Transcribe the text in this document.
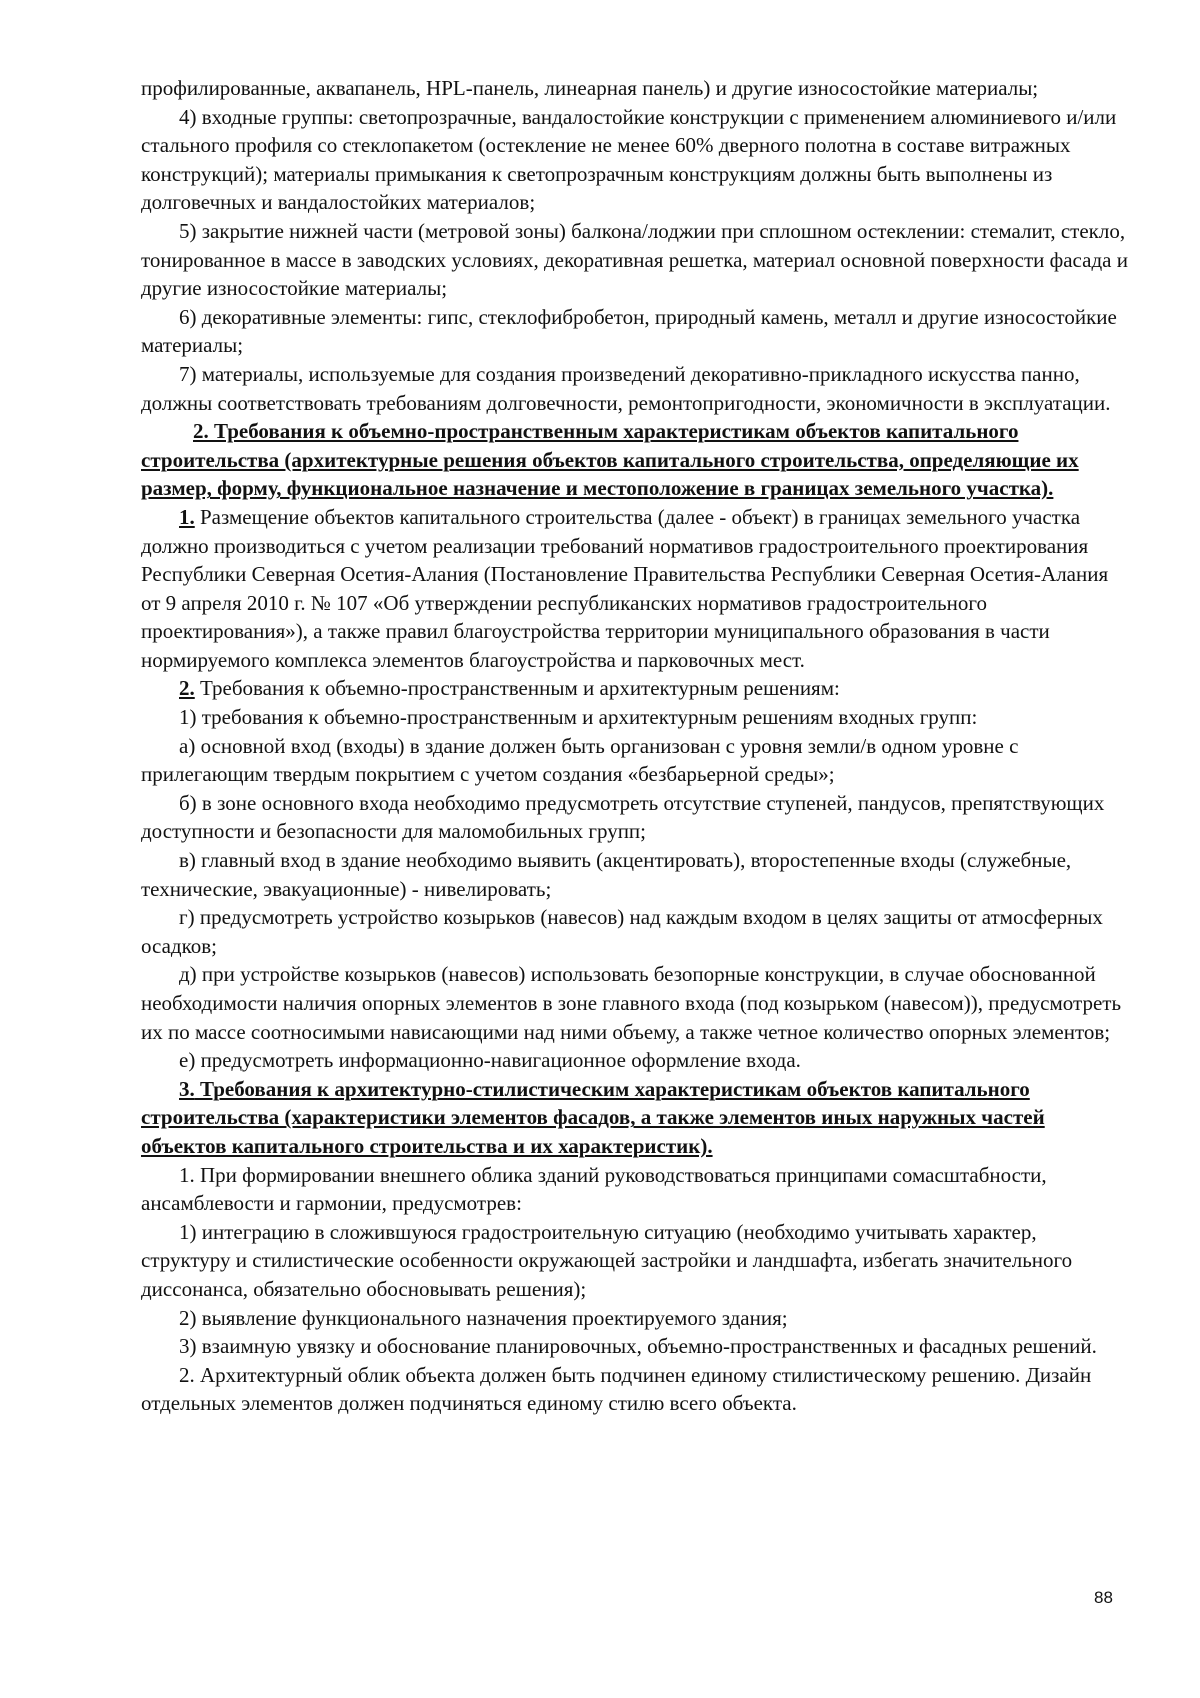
профилированные, аквапанель, HPL-панель, линеарная панель) и другие износостойкие материалы;

4) входные группы: светопрозрачные, вандалостойкие конструкции с применением алюминиевого и/или стального профиля со стеклопакетом (остекление не менее 60% дверного полотна в составе витражных конструкций); материалы примыкания к светопрозрачным конструкциям должны быть выполнены из долговечных и вандалостойких материалов;

5) закрытие нижней части (метровой зоны) балкона/лоджии при сплошном остеклении: стемалит, стекло, тонированное в массе в заводских условиях, декоративная решетка, материал основной поверхности фасада и другие износостойкие материалы;

6) декоративные элементы: гипс, стеклофибробетон, природный камень, металл и другие износостойкие материалы;

7) материалы, используемые для создания произведений декоративно-прикладного искусства панно, должны соответствовать требованиям долговечности, ремонтопригодности, экономичности в эксплуатации.

2. Требования к объемно-пространственным характеристикам объектов капитального строительства (архитектурные решения объектов капитального строительства, определяющие их размер, форму, функциональное назначение и местоположение в границах земельного участка).

1. Размещение объектов капитального строительства (далее - объект) в границах земельного участка должно производиться с учетом реализации требований нормативов градостроительного проектирования Республики Северная Осетия-Алания (Постановление Правительства Республики Северная Осетия-Алания от 9 апреля 2010 г. № 107 «Об утверждении республиканских нормативов градостроительного проектирования»), а также правил благоустройства территории муниципального образования в части нормируемого комплекса элементов благоустройства и парковочных мест.

2. Требования к объемно-пространственным и архитектурным решениям:

1) требования к объемно-пространственным и архитектурным решениям входных групп:

а) основной вход (входы) в здание должен быть организован с уровня земли/в одном уровне с прилегающим твердым покрытием с учетом создания «безбарьерной среды»;

б) в зоне основного входа необходимо предусмотреть отсутствие ступеней, пандусов, препятствующих доступности и безопасности для маломобильных групп;

в) главный вход в здание необходимо выявить (акцентировать), второстепенные входы (служебные, технические, эвакуационные) - нивелировать;

г) предусмотреть устройство козырьков (навесов) над каждым входом в целях защиты от атмосферных осадков;

д) при устройстве козырьков (навесов) использовать безопорные конструкции, в случае обоснованной необходимости наличия опорных элементов в зоне главного входа (под козырьком (навесом)), предусмотреть их по массе соотносимыми нависающими над ними объему, а также четное количество опорных элементов;

е) предусмотреть информационно-навигационное оформление входа.

3. Требования к архитектурно-стилистическим характеристикам объектов капитального строительства (характеристики элементов фасадов, а также элементов иных наружных частей объектов капитального строительства и их характеристик).

1. При формировании внешнего облика зданий руководствоваться принципами сомасштабности, ансамблевости и гармонии, предусмотрев:

1) интеграцию в сложившуюся градостроительную ситуацию (необходимо учитывать характер, структуру и стилистические особенности окружающей застройки и ландшафта, избегать значительного диссонанса, обязательно обосновывать решения);

2) выявление функционального назначения проектируемого здания;

3) взаимную увязку и обоснование планировочных, объемно-пространственных и фасадных решений.

2. Архитектурный облик объекта должен быть подчинен единому стилистическому решению. Дизайн отдельных элементов должен подчиняться единому стилю всего объекта.

88
